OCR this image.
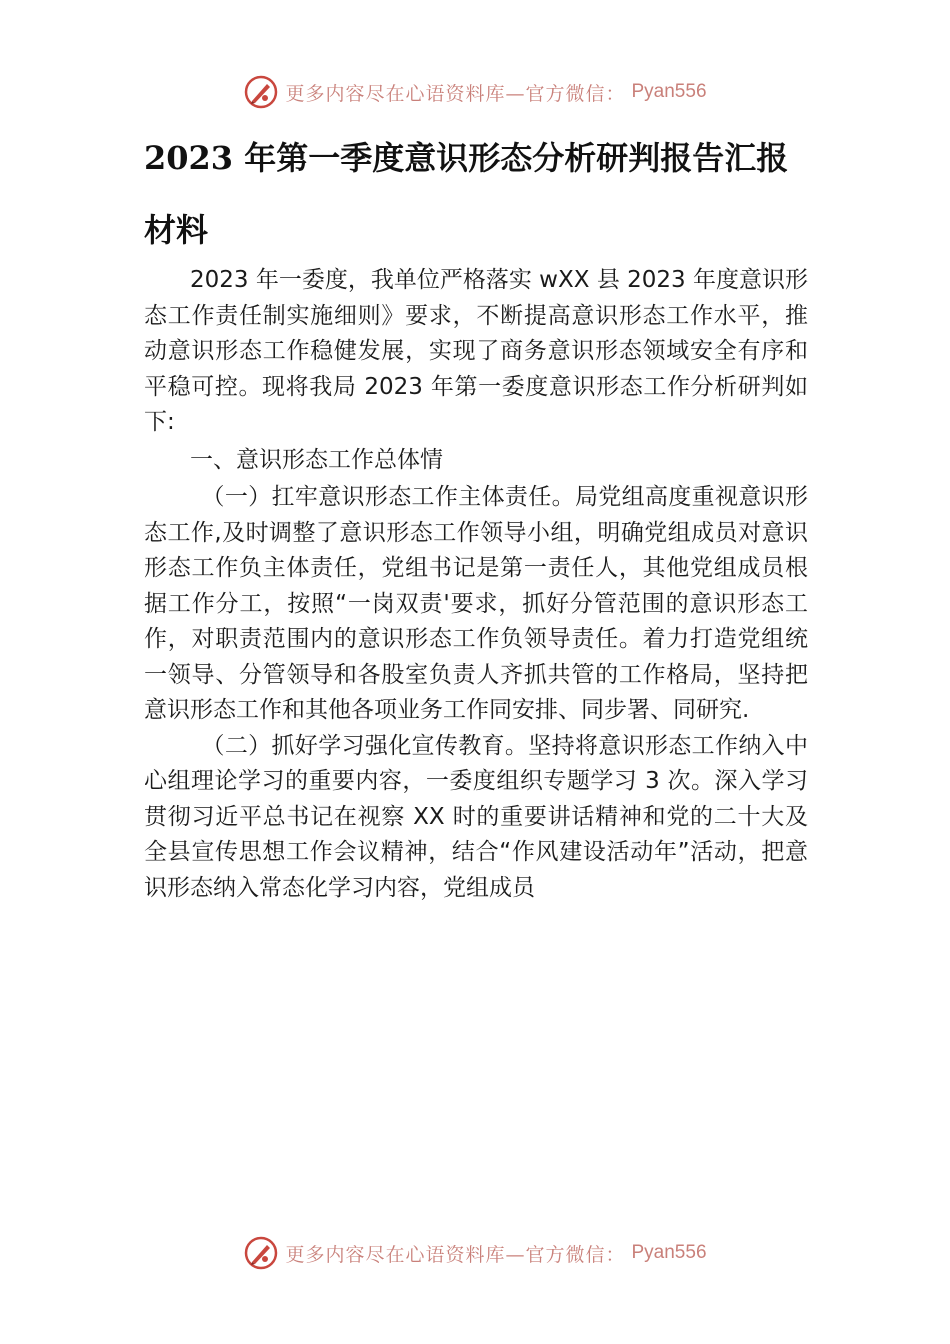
更多内容尽在心语资料库—官方微信： Pyan556
2023 年第一季度意识形态分析研判报告汇报材料

2023 年一委度，我单位严格落实 wXX 县 2023 年度意识形态工作责任制实施细则》要求，不断提高意识形态工作水平，推动意识形态工作稳健发展，实现了商务意识形态领域安全有序和平稳可控。现将我局 2023 年第一委度意识形态工作分析研判如下:

一、意识形态工作总体情

（一）扛牢意识形态工作主体责任。局党组高度重视意识形态工作,及时调整了意识形态工作领导小组，明确党组成员对意识形态工作负主体责任，党组书记是第一责任人，其他党组成员根据工作分工，按照“一岗双责'要求，抓好分管范围的意识形态工作，对职责范围内的意识形态工作负领导责任。着力打造党组统一领导、分管领导和各股室负责人齐抓共管的工作格局，坚持把意识形态工作和其他各项业务工作同安排、同步署、同研究.

（二）抓好学习强化宣传教育。坚持将意识形态工作纳入中心组理论学习的重要内容，一委度组织专题学习 3 次。深入学习贯彻习近平总书记在视察 XX 时的重要讲话精神和党的二十大及全县宣传思想工作会议精神，结合“作风建设活动年”活动，把意识形态纳入常态化学习内容，党组成员

更多内容尽在心语资料库—官方微信： Pyan556
